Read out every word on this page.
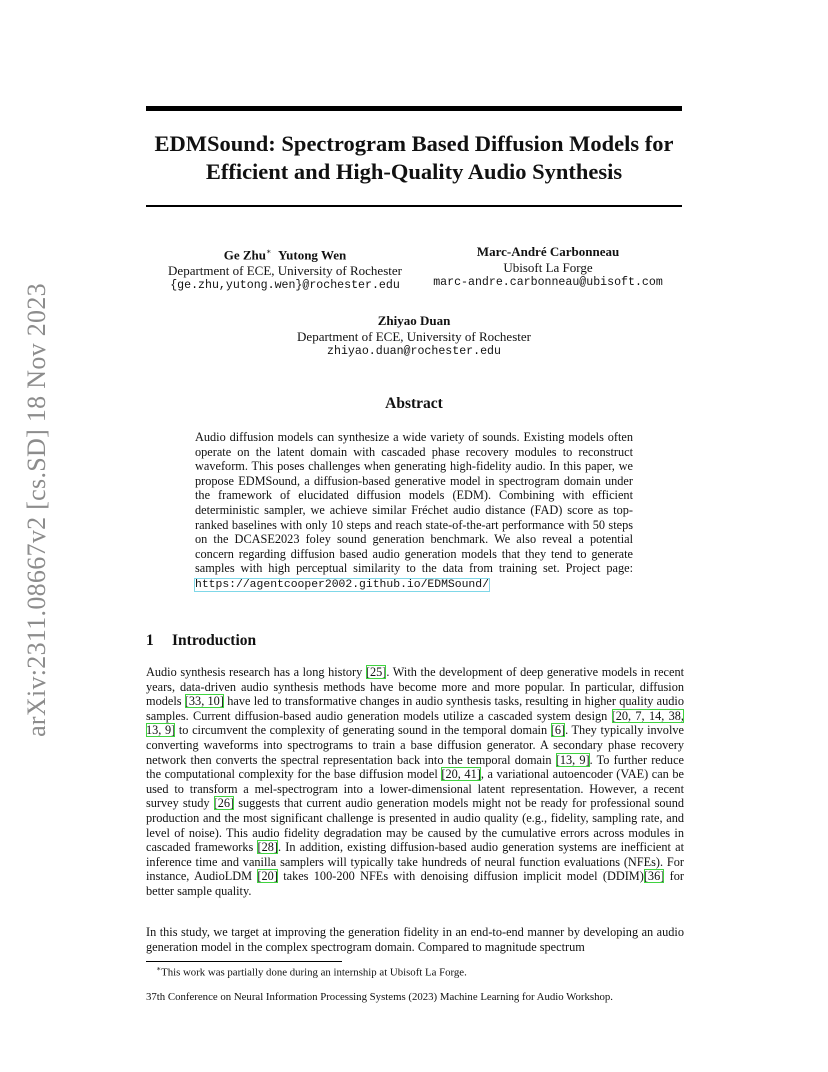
arXiv:2311.08667v2 [cs.SD] 18 Nov 2023
EDMSound: Spectrogram Based Diffusion Models for
Efficient and High-Quality Audio Synthesis
Ge Zhu∗ Yutong Wen
Department of ECE, University of Rochester
{ge.zhu,yutong.wen}@rochester.edu
Marc-André Carbonneau
Ubisoft La Forge
marc-andre.carbonneau@ubisoft.com
Zhiyao Duan
Department of ECE, University of Rochester
zhiyao.duan@rochester.edu
Abstract

Audio diffusion models can synthesize a wide variety of sounds. Existing models often operate on the latent domain with cascaded phase recovery modules to reconstruct waveform. This poses challenges when generating high-fidelity audio. In this paper, we propose EDMSound, a diffusion-based generative model in spectrogram domain under the framework of elucidated diffusion models (EDM). Combining with efficient deterministic sampler, we achieve similar Fréchet audio distance (FAD) score as top-ranked baselines with only 10 steps and reach state-of-the-art performance with 50 steps on the DCASE2023 foley sound generation benchmark. We also reveal a potential concern regarding diffusion based audio generation models that they tend to generate samples with high perceptual similarity to the data from training set. Project page: https://agentcooper2002.github.io/EDMSound/

1 Introduction

Audio synthesis research has a long history [25]. With the development of deep generative models in recent years, data-driven audio synthesis methods have become more and more popular. In particular, diffusion models [33, 10] have led to transformative changes in audio synthesis tasks, resulting in higher quality audio samples. Current diffusion-based audio generation models utilize a cascaded system design [20, 7, 14, 38, 13, 9] to circumvent the complexity of generating sound in the temporal domain [6]. They typically involve converting waveforms into spectrograms to train a base diffusion generator. A secondary phase recovery network then converts the spectral representation back into the temporal domain [13, 9]. To further reduce the computational complexity for the base diffusion model [20, 41], a variational autoencoder (VAE) can be used to transform a mel-spectrogram into a lower-dimensional latent representation. However, a recent survey study [26] suggests that current audio generation models might not be ready for professional sound production and the most significant challenge is presented in audio quality (e.g., fidelity, sampling rate, and level of noise). This audio fidelity degradation may be caused by the cumulative errors across modules in cascaded frameworks [28]. In addition, existing diffusion-based audio generation systems are inefficient at inference time and vanilla samplers will typically take hundreds of neural function evaluations (NFEs). For instance, AudioLDM [20] takes 100-200 NFEs with denoising diffusion implicit model (DDIM)[36] for better sample quality.

In this study, we target at improving the generation fidelity in an end-to-end manner by developing an audio generation model in the complex spectrogram domain. Compared to magnitude spectrum

∗This work was partially done during an internship at Ubisoft La Forge.

37th Conference on Neural Information Processing Systems (2023) Machine Learning for Audio Workshop.
